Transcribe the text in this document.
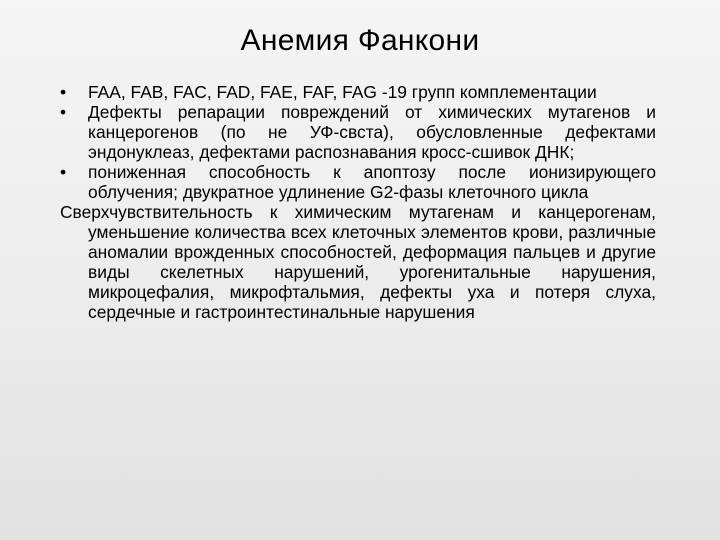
Анемия Фанкони
•	FAA, FAB, FAC, FAD, FAE, FAF, FAG -19 групп комплементации
•	Дефекты репарации повреждений от химических мутагенов и канцерогенов (по не УФ-свста), обусловленные дефектами эндонуклеаз, дефектами распознавания кросс-сшивок ДНК;
•	пониженная способность к апоптозу после ионизирующего облучения; двукратное удлинение G2-фазы клеточного цикла
Сверхчувствительность к химическим мутагенам и канцерогенам, уменьшение количества всех клеточных элементов крови, различные аномалии врожденных способностей, деформация пальцев и другие виды скелетных нарушений, урогенитальные нарушения, микроцефалия, микрофтальмия, дефекты уха и потеря слуха, сердечные и гастроинтестинальные нарушения
